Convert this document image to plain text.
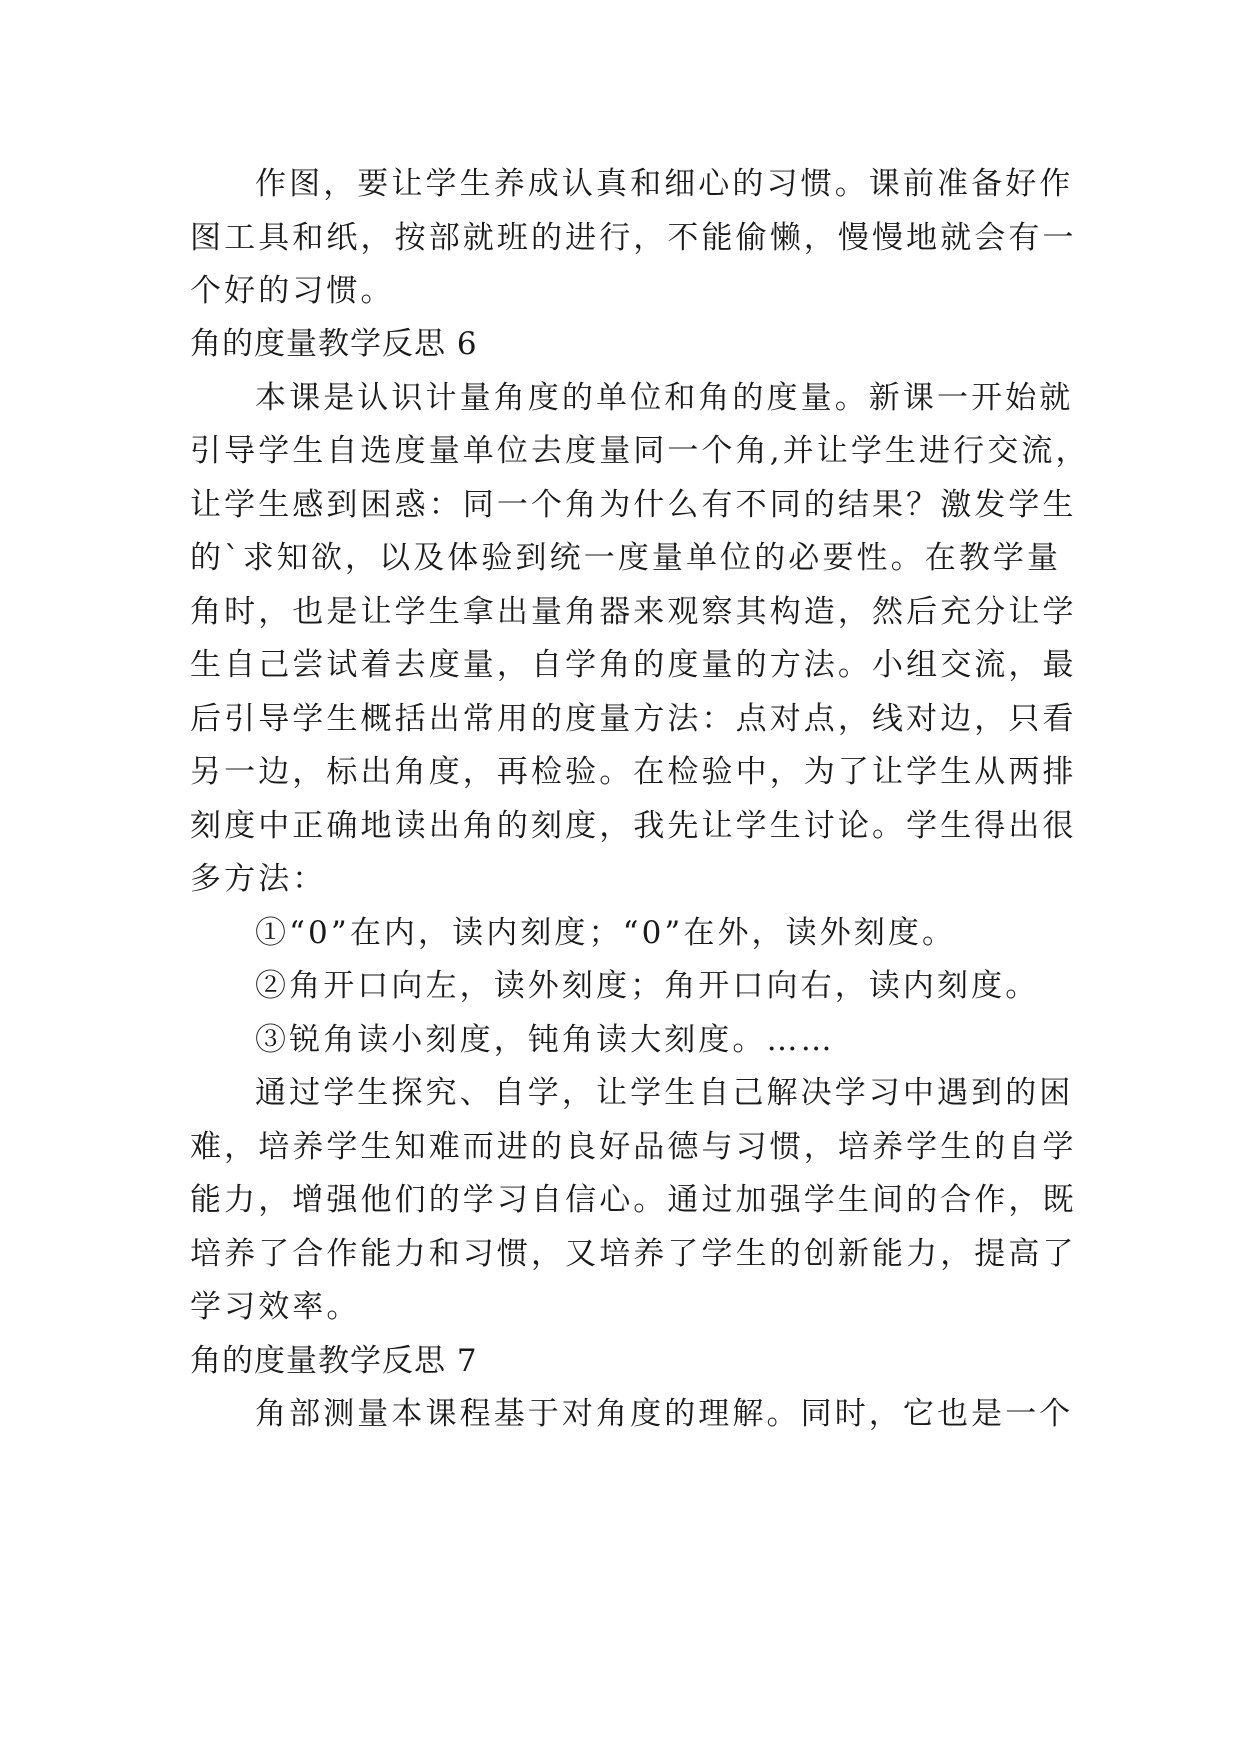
作图，要让学生养成认真和细心的习惯。课前准备好作
图工具和纸，按部就班的进行，不能偷懒，慢慢地就会有一
个好的习惯。
角的度量教学反思 6
本课是认识计量角度的单位和角的度量。新课一开始就
引导学生自选度量单位去度量同一个角,并让学生进行交流，
让学生感到困惑：同一个角为什么有不同的结果？激发学生
的`求知欲，以及体验到统一度量单位的必要性。在教学量
角时，也是让学生拿出量角器来观察其构造，然后充分让学
生自己尝试着去度量，自学角的度量的方法。小组交流，最
后引导学生概括出常用的度量方法：点对点，线对边，只看
另一边，标出角度，再检验。在检验中，为了让学生从两排
刻度中正确地读出角的刻度，我先让学生讨论。学生得出很
多方法：
①“0”在内，读内刻度；“0”在外，读外刻度。
②角开口向左，读外刻度；角开口向右，读内刻度。
③锐角读小刻度，钝角读大刻度。……
通过学生探究、自学，让学生自己解决学习中遇到的困
难，培养学生知难而进的良好品德与习惯，培养学生的自学
能力，增强他们的学习自信心。通过加强学生间的合作，既
培养了合作能力和习惯，又培养了学生的创新能力，提高了
学习效率。
角的度量教学反思 7
角部测量本课程基于对角度的理解。同时，它也是一个
